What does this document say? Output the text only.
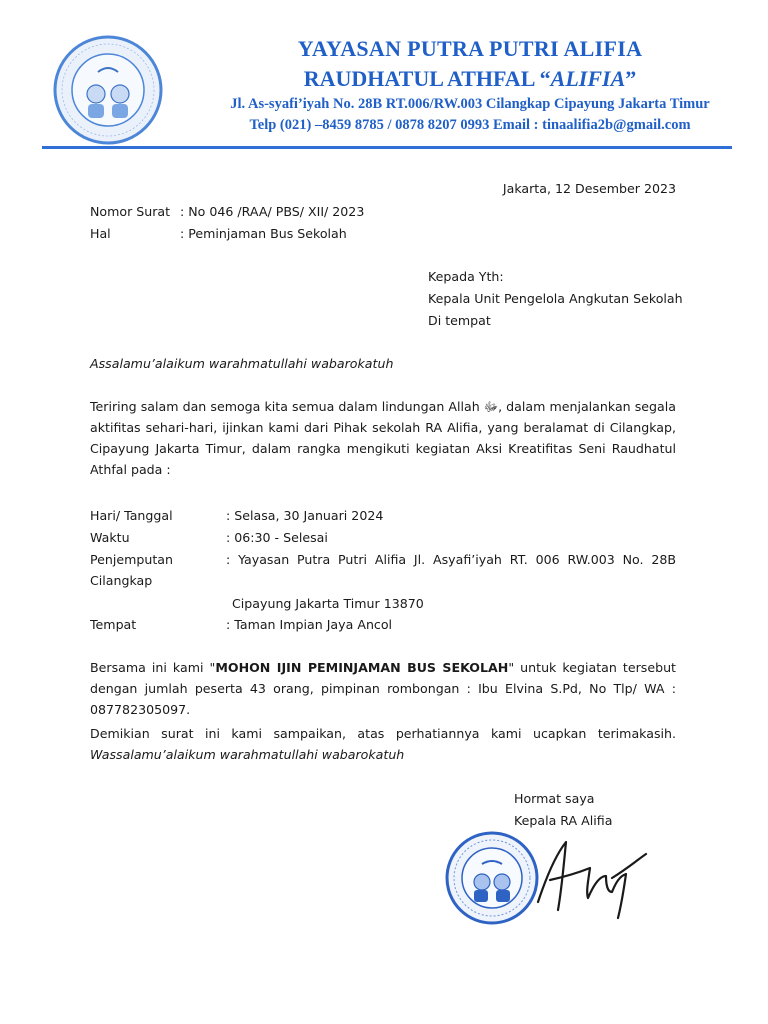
YAYASAN PUTRA PUTRI ALIFIA
RAUDHATUL ATHFAL “ALIFIA”
Jl. As-syafi’iyah No. 28B RT.006/RW.003 Cilangkap Cipayung Jakarta Timur
Telp (021) –8459 8785 / 0878 8207 0993 Email : tinaalifia2b@gmail.com
Jakarta, 12 Desember 2023
Nomor Surat : No 046 /RAA/ PBS/ XII/ 2023
Hal	: Peminjaman Bus Sekolah
Kepada Yth:
Kepala Unit Pengelola Angkutan Sekolah
Di tempat
Assalamu’alaikum warahmatullahi wabarokatuh
Teriring salam dan semoga kita semua dalam lindungan Allah ﷻ, dalam menjalankan segala aktifitas sehari-hari, ijinkan kami dari Pihak sekolah RA Alifia, yang beralamat di Cilangkap, Cipayung Jakarta Timur, dalam rangka mengikuti kegiatan Aksi Kreatifitas Seni Raudhatul Athfal pada :
Hari/ Tanggal	: Selasa, 30 Januari 2024
Waktu	: 06:30 - Selesai
Penjemputan	: Yayasan Putra Putri Alifia Jl. Asyafi’iyah RT. 006 RW.003 No. 28B
Cilangkap
Cipayung Jakarta Timur 13870
Tempat	: Taman Impian Jaya Ancol
Bersama ini kami "MOHON IJIN PEMINJAMAN BUS SEKOLAH" untuk kegiatan tersebut dengan jumlah peserta 43 orang, pimpinan rombongan : Ibu Elvina S.Pd, No Tlp/ WA : 087782305097.
Demikian surat ini kami sampaikan, atas perhatiannya kami ucapkan terimakasih.
Wassalamu’alaikum warahmatullahi wabarokatuh
Hormat saya
Kepala RA Alifia
